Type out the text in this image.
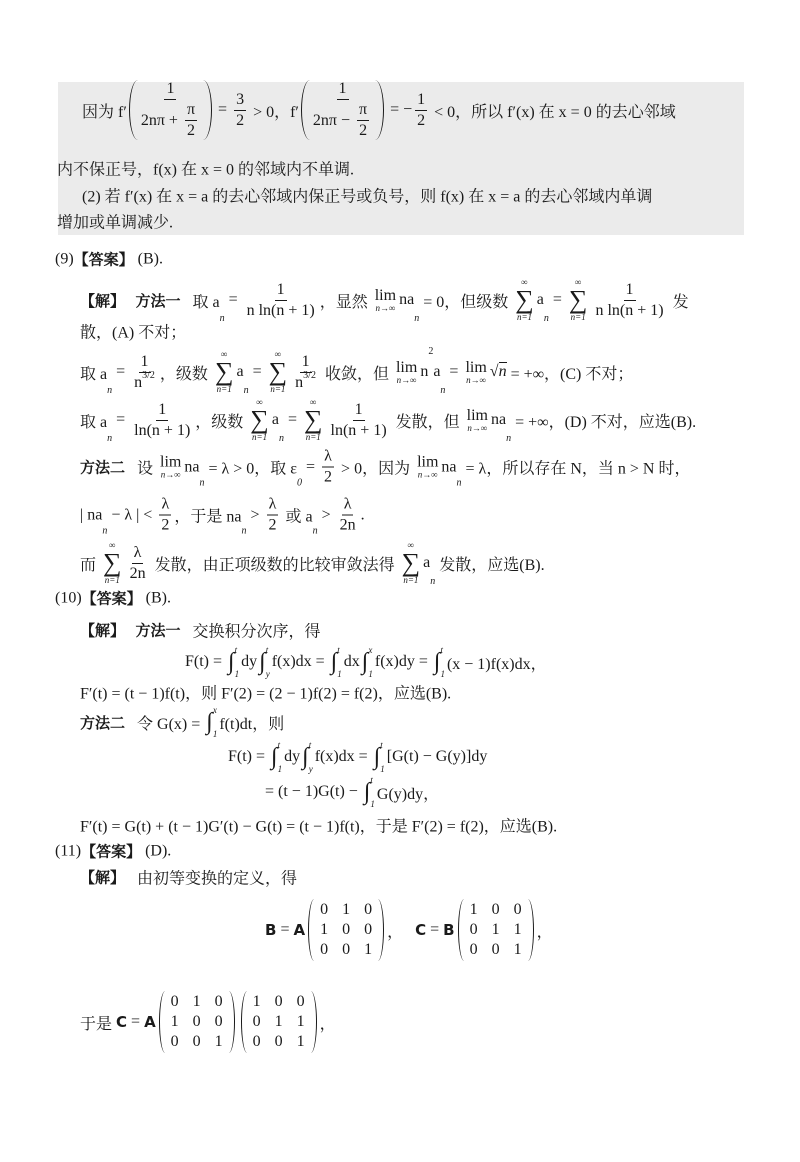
因为 $f' \frac{1}{2n\pi + \frac{\pi}{2}} = \frac{3}{2} > 0$，$f' \frac{1}{2n\pi - \frac{\pi}{2}}$ = − $\frac{1}{2} < 0$，所以 f′(x) 在 x = 0 的去心邻域
内不保正号，f(x) 在 x = 0 的邻域内不单调.
(2) 若 f′(x) 在 x = a 的去心邻域内保正号或负号，则 f(x) 在 x = a 的去心邻域内单调
增加或单调减少.
(9) 【答案】 (B).
【解】  方法一 取 a
n
= $\frac{1}{\text{n ln(n + 1)}}$ ，显然 lim
n→∞ na
n
= 0，但级数
∞
∑
n=1
a
n
=
∞
∑
$n=1 \frac{1}{\text{n ln(n + 1)}}$ 发
散，(A) 不对；
取 a
n
= $\frac{1}{n 3/2}$ ，级数
∞
∑
n=1
a
n
=
∞
∑
$n=1 \frac{1}{n 3/2}$ 收敛，但 lim
n→∞ n
2
a
n
= lim
n→∞ √n = +∞，(C) 不对；
取 a
n
= $\frac{1}{\ln(n + 1)}$ ，级数
∞
∑
n=1
a
n
=
∞
∑
$n=1 \frac{1}{\ln(n + 1)}$ 发散，但 lim
n→∞ na
n
= +∞，(D) 不对，应选(B).
方法二 设 lim
n→∞ na
n
= λ > 0，取 ε
0
= $\frac{\lambda}{2} > 0$，因为 lim
n→∞ na
n
= λ，所以存在 N，当 n > N 时，
| na
n
− λ | < $\frac{\lambda}{2}$ ，于是 na
n
> $\frac{\lambda}{2}$ 或 a
n
> $\frac{\lambda}{2n}$ .
而
∞
∑
$n=1 \frac{\lambda}{2n}$ 发散，由正项级数的比较审敛法得
∞
∑
n=1
a
n
发散，应选(B).
(10) 【答案】 (B).
【解】  方法一 交换积分次序，得
F(t) = ∫ t
1
dy ∫ t
y
f(x)dx = ∫ t
1
dx ∫ x
1
f(x)dy = ∫ t
1
(x − 1)f(x)dx，
F′(t) = (t − 1)f(t)，则 F′(2) = (2 − 1)f(2) = f(2)，应选(B).
方法二 令 G(x) = ∫ x
1
f(t)dt，则
F(t) = ∫ t
1
dy ∫ t
y
f(x)dx = ∫ t
1
[G(t) − G(y)]dy
= (t − 1)G(t) − ∫ t
1
G(y)dy，
F′(t) = G(t) + (t − 1)G′(t) − G(t) = (t − 1)f(t)，于是 F′(2) = f(2)，应选(B).
(11) 【答案】 (D).
【解】 由初等变换的定义，得
B = A
0 1 0
1 0 0
0 0 1
， C = B
1 0 0
0 1 1
0 0 1
，
于是 C = A
0 1 0
1 0 0
0 0 1
1 0 0
0 1 1
0 0 1
，
